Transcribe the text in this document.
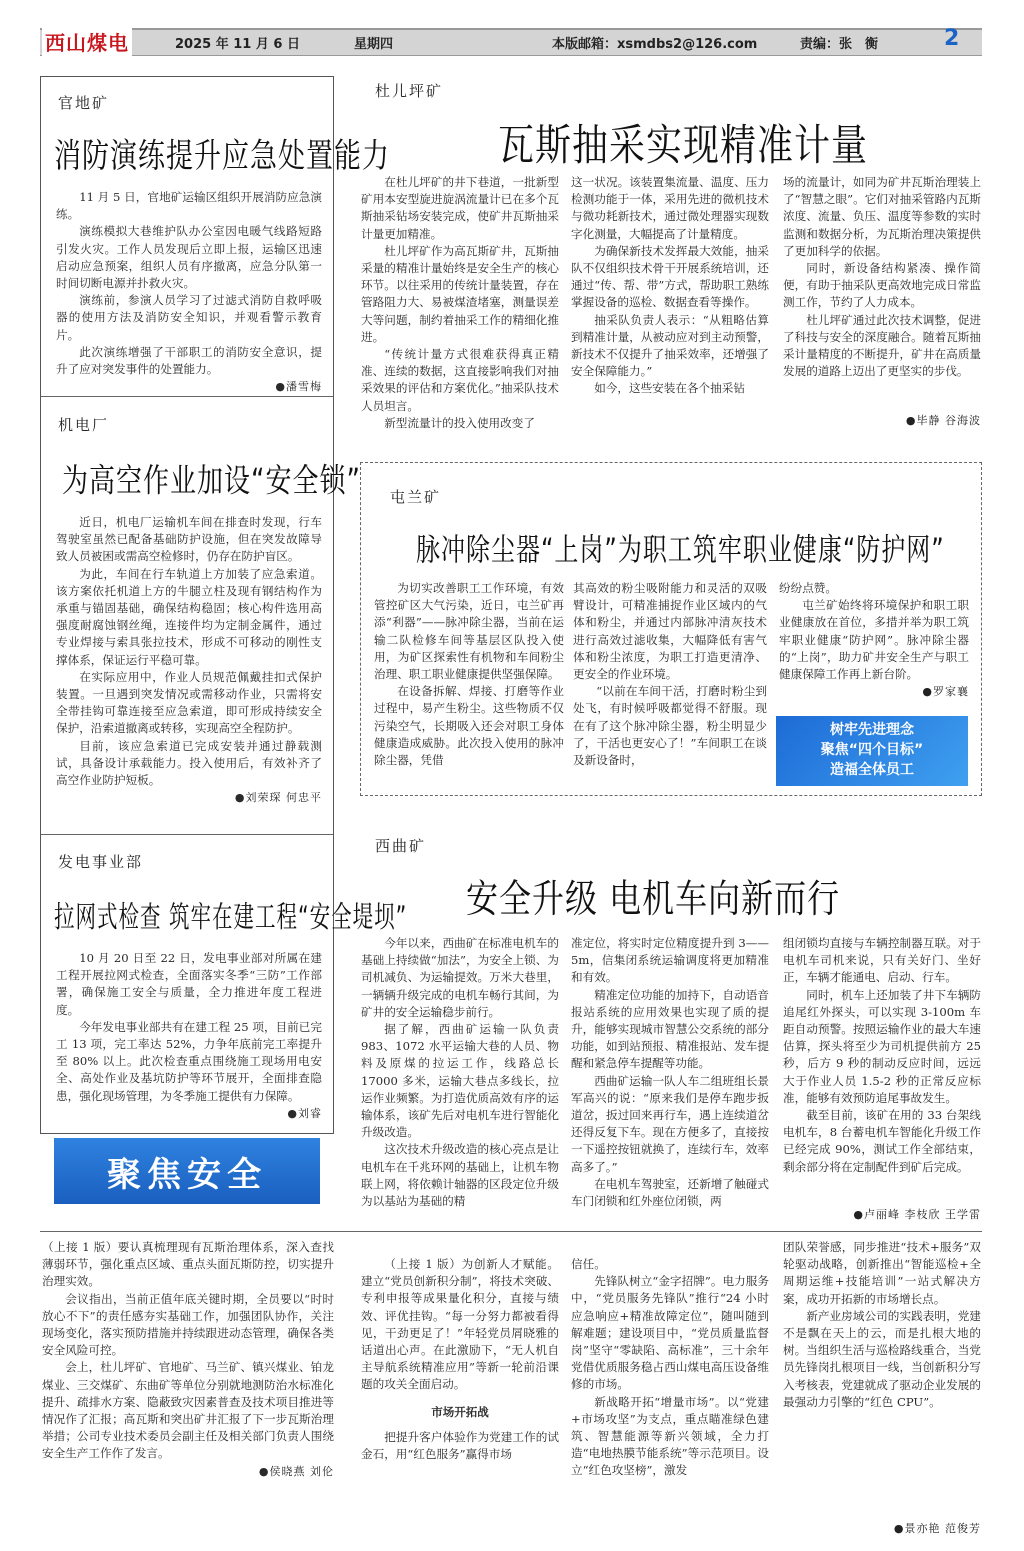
西山煤电	2025 年 11 月 6 日	星期四	本版邮箱：xsmdbs2@126.com	责编：张　衡	2
官地矿
消防演练提升应急处置能力

11 月 5 日，官地矿运输区组织开展消防应急演练。

演练模拟大巷维护队办公室因电暖气线路短路引发火灾。工作人员发现后立即上报，运输区迅速启动应急预案，组织人员有序撤离，应急分队第一时间切断电源并扑救火灾。

演练前，参演人员学习了过滤式消防自救呼吸器的使用方法及消防安全知识，并观看警示教育片。

此次演练增强了干部职工的消防安全意识，提升了应对突发事件的处置能力。

●潘雪梅
机电厂
为高空作业加设“安全锁”

近日，机电厂运输机车间在排查时发现，行车驾驶室虽然已配备基础防护设施，但在突发故障导致人员被困或需高空检修时，仍存在防护盲区。

为此，车间在行车轨道上方加装了应急索道。该方案依托机道上方的牛腿立柱及现有钢结构作为承重与锚固基础，确保结构稳固；核心构件选用高强度耐腐蚀钢丝绳，连接件均为定制金属件，通过专业焊接与索具张拉技术，形成不可移动的刚性支撑体系，保证运行平稳可靠。

在实际应用中，作业人员规范佩戴挂扣式保护装置。一旦遇到突发情况或需移动作业，只需将安全带挂钩可靠连接至应急索道，即可形成持续安全保护，沿索道撤离或转移，实现高空全程防护。

目前，该应急索道已完成安装并通过静载测试，具备设计承载能力。投入使用后，有效补齐了高空作业防护短板。

●刘荣琛 何忠平
发电事业部
拉网式检查 筑牢在建工程“安全堤坝”

10 月 20 日至 22 日，发电事业部对所属在建工程开展拉网式检查，全面落实冬季“三防”工作部署，确保施工安全与质量，全力推进年度工程进度。

今年发电事业部共有在建工程 25 项，目前已完工 13 项，完工率达 52%，力争年底前完工率提升至 80% 以上。此次检查重点围绕施工现场用电安全、高处作业及基坑防护等环节展开，全面排查隐患，强化现场管理，为冬季施工提供有力保障。

●刘睿
聚焦安全
杜儿坪矿
瓦斯抽采实现精准计量

在杜儿坪矿的井下巷道，一批新型矿用本安型旋进旋涡流量计已在多个瓦斯抽采钻场安装完成，使矿井瓦斯抽采计量更加精准。

杜儿坪矿作为高瓦斯矿井，瓦斯抽采量的精准计量始终是安全生产的核心环节。以往采用的传统计量装置，存在管路阻力大、易被煤渣堵塞，测量误差大等问题，制约着抽采工作的精细化推进。

“传统计量方式很难获得真正精准、连续的数据，这直接影响我们对抽采效果的评估和方案优化。”抽采队技术人员坦言。

新型流量计的投入使用改变了

这一状况。该装置集流量、温度、压力检测功能于一体，采用先进的微机技术与微功耗新技术，通过微处理器实现数字化测量，大幅提高了计量精度。

为确保新技术发挥最大效能，抽采队不仅组织技术骨干开展系统培训，还通过“传、帮、带”方式，帮助职工熟练掌握设备的巡检、数据查看等操作。

抽采队负责人表示：“从粗略估算到精准计量，从被动应对到主动预警，新技术不仅提升了抽采效率，还增强了安全保障能力。”

如今，这些安装在各个抽采钻

场的流量计，如同为矿井瓦斯治理装上了“智慧之眼”。它们对抽采管路内瓦斯浓度、流量、负压、温度等参数的实时监测和数据分析，为瓦斯治理决策提供了更加科学的依据。

同时，新设备结构紧凑、操作简便，有助于抽采队更高效地完成日常监测工作，节约了人力成本。

杜儿坪矿通过此次技术调整，促进了科技与安全的深度融合。随着瓦斯抽采计量精度的不断提升，矿井在高质量发展的道路上迈出了更坚实的步伐。

●毕静 谷海波
屯兰矿
脉冲除尘器“上岗”为职工筑牢职业健康“防护网”

为切实改善职工工作环境，有效管控矿区大气污染，近日，屯兰矿再添“利器”——脉冲除尘器，当前在运输二队检修车间等基层区队投入使用，为矿区探索性有机物和车间粉尘治理、职工职业健康提供坚强保障。

在设备拆解、焊接、打磨等作业过程中，易产生粉尘。这些物质不仅污染空气，长期吸入还会对职工身体健康造成威胁。此次投入使用的脉冲除尘器，凭借

其高效的粉尘吸附能力和灵活的双吸臂设计，可精准捕捉作业区域内的气体和粉尘，并通过内部脉冲清灰技术进行高效过滤收集，大幅降低有害气体和粉尘浓度，为职工打造更清净、更安全的作业环境。

“以前在车间干活，打磨时粉尘到处飞，有时候呼吸都觉得不舒服。现在有了这个脉冲除尘器，粉尘明显少了，干活也更安心了！”车间职工在谈及新设备时，

纷纷点赞。

屯兰矿始终将环境保护和职工职业健康放在首位，多措并举为职工筑牢职业健康“防护网”。脉冲除尘器的“上岗”，助力矿井安全生产与职工健康保障工作再上新台阶。

●罗家襄
树牢先进理念
聚焦“四个目标”
造福全体员工
西曲矿
安全升级 电机车向新而行

今年以来，西曲矿在标准电机车的基础上持续做“加法”，为安全上锁、为司机减负、为运输提效。万米大巷里，一辆辆升级完成的电机车畅行其间，为矿井的安全运输稳步前行。

据了解，西曲矿运输一队负责 983、1072 水平运输大巷的人员、物料及原煤的拉运工作，线路总长 17000 多米，运输大巷点多线长，拉运作业频繁。为打造优质高效有序的运输体系，该矿先后对电机车进行智能化升级改造。

这次技术升级改造的核心亮点是让电机车在千兆环网的基础上，让机车物联上网，将依赖计轴器的区段定位升级为以基站为基础的精

准定位，将实时定位精度提升到 3——5m，信集闭系统运输调度将更加精准和有效。

精准定位功能的加持下，自动语音报站系统的应用效果也实现了质的提升，能够实现城市智慧公交系统的部分功能，如到站预报、精准报站、发车提醒和紧急停车提醒等功能。

西曲矿运输一队人车二组班组长景军高兴的说：“原来我们是停车跑步扳道岔，扳过回来再行车，遇上连续道岔还得反复下车。现在方便多了，直接按一下遥控按钮就换了，连续行车，效率高多了。”

在电机车驾驶室，还新增了触碰式车门闭锁和红外座位闭锁，两

组闭锁均直接与车辆控制器互联。对于电机车司机来说，只有关好门、坐好正，车辆才能通电、启动、行车。

同时，机车上还加装了井下车辆防追尾红外探头，可以实现 3-100m 车距自动预警。按照运输作业的最大车速估算，探头将至少为司机提供前方 25 秒，后方 9 秒的制动反应时间，远远大于作业人员 1.5-2 秒的正常反应标准，能够有效预防追尾事故发生。

截至目前，该矿在用的 33 台架线电机车，8 台蓄电机车智能化升级工作已经完成 90%，测试工作全部结束，剩余部分将在定制配件到矿后完成。

●卢丽峰 李枝欣 王学雷

（上接 1 版）要认真梳理现有瓦斯治理体系，深入查找薄弱环节，强化重点区域、重点头面瓦斯防控，切实提升治理实效。

会议指出，当前正值年底关键时期，全员要以“时时放心不下”的责任感夯实基础工作，加强团队协作，关注现场变化，落实预防措施并持续跟进动态管理，确保各类安全风险可控。

会上，杜儿坪矿、官地矿、马兰矿、镇兴煤业、铂龙煤业、三交煤矿、东曲矿等单位分别就地测防治水标准化提升、疏排水方案、隐蔽致灾因素普查及技术项目推进等情况作了汇报；高瓦斯和突出矿井汇报了下一步瓦斯治理举措；公司专业技术委员会副主任及相关部门负责人围绕安全生产工作作了发言。

●侯晓燕 刘伦

（上接 1 版）为创新人才赋能。建立“党员创新积分制”，将技术突破、专利申报等成果量化积分，直接与绩效、评优挂钩。“每一分努力都被看得见，干劲更足了！”年轻党员屑晓雅的话道出心声。在此激励下，“无人机自主导航系统精准应用”等新一轮前沿课题的攻关全面启动。

市场开拓战

把提升客户体验作为党建工作的试金石，用“红色服务”赢得市场

信任。

先锋队树立“金字招牌”。电力服务中，“党员服务先锋队”推行“24 小时应急响应+精准故障定位”，随叫随到解难题；建设项目中，“党员质量监督岗”坚守“零缺陷、高标准”，三十余年党借优质服务稳占西山煤电高压设备维修的市场。

新战略开拓“增量市场”。以“党建+市场攻坚”为支点，重点瞄准绿色建筑、智慧能源等新兴领域，全力打造“电地热膜节能系统”等示范项目。设立“红色攻坚榜”，激发

团队荣誉感，同步推进“技术+服务”双轮驱动战略，创新推出“智能巡检+全周期运维+技能培训”一站式解决方案，成功开拓新的市场增长点。

新产业房域公司的实践表明，党建不是飘在天上的云，而是扎根大地的树。当组织生活与巡检路线重合，当党员先锋岗扎根项目一线，当创新积分写入考核表，党建就成了驱动企业发展的最强动力引擎的“红色 CPU”。

●景亦艳 范俊芳
